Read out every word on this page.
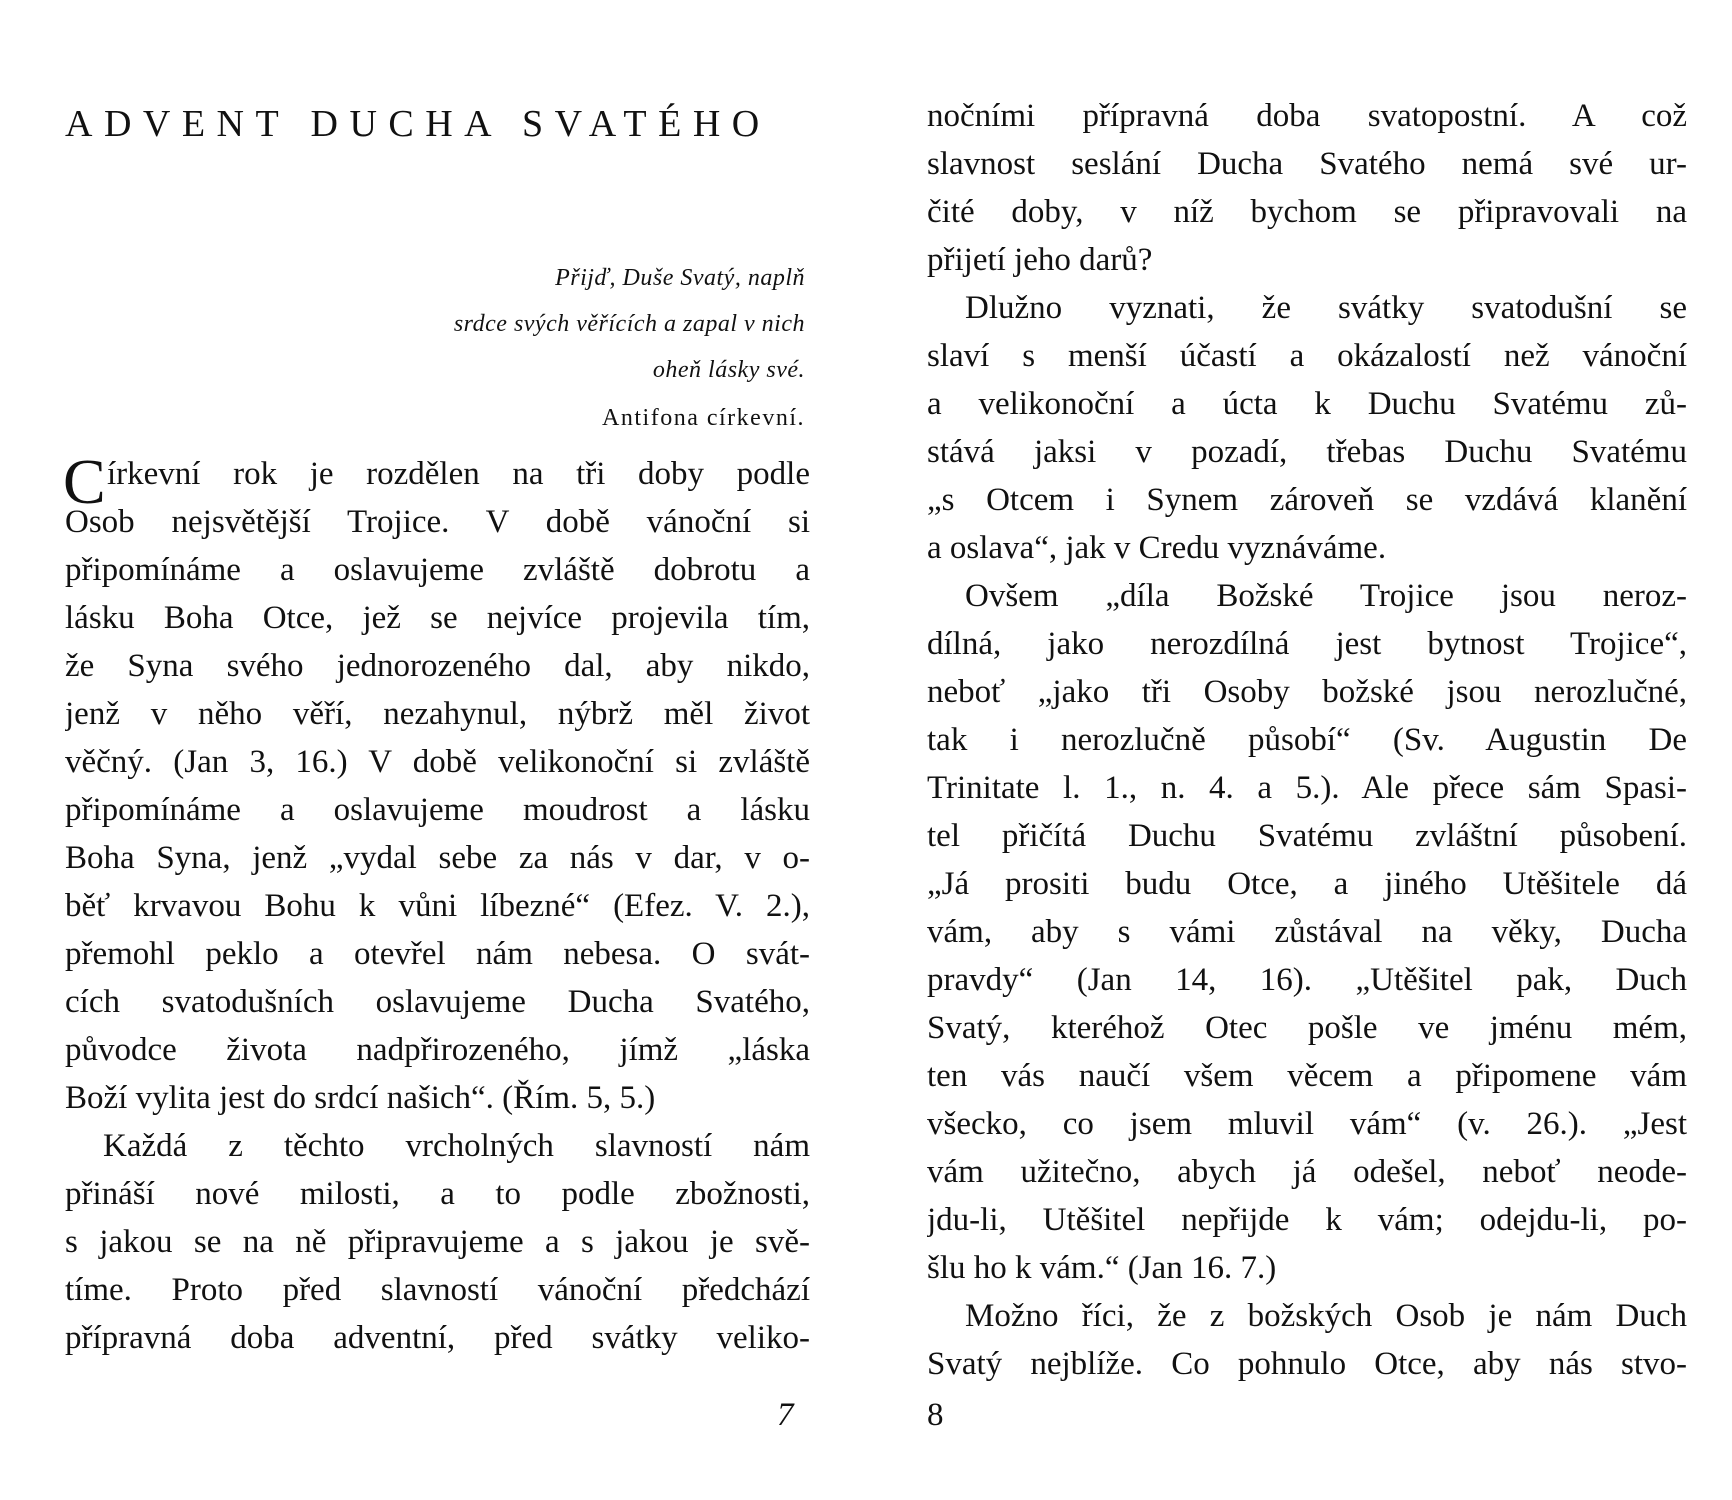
ADVENT DUCHA SVATÉHO
Přijď, Duše Svatý, naplň
srdce svých věřících a zapal v nich
oheň lásky své.
Antifona církevní.
C írkevní rok je rozdělen na tři doby podle
Osob nejsvětější Trojice. V době vánoční si
připomínáme a oslavujeme zvláště dobrotu a
lásku Boha Otce, jež se nejvíce projevila tím,
že Syna svého jednorozeného dal, aby nikdo,
jenž v něho věří, nezahynul, nýbrž měl život
věčný. (Jan 3, 16.) V době velikonoční si zvláště
připomínáme a oslavujeme moudrost a lásku
Boha Syna, jenž „vydal sebe za nás v dar, v o-
běť krvavou Bohu k vůni líbezné“ (Efez. V. 2.),
přemohl peklo a otevřel nám nebesa. O svát-
cích svatodušních oslavujeme Ducha Svatého,
původce života nadpřirozeného, jímž „láska
Boží vylita jest do srdcí našich“. (Řím. 5, 5.)
Každá z těchto vrcholných slavností nám
přináší nové milosti, a to podle zbožnosti,
s jakou se na ně připravujeme a s jakou je svě-
tíme. Proto před slavností vánoční předchází
přípravná doba adventní, před svátky veliko-
7
nočními přípravná doba svatopostní. A což
slavnost seslání Ducha Svatého nemá své ur-
čité doby, v níž bychom se připravovali na
přijetí jeho darů?
Dlužno vyznati, že svátky svatodušní se
slaví s menší účastí a okázalostí než vánoční
a velikonoční a úcta k Duchu Svatému zů-
stává jaksi v pozadí, třebas Duchu Svatému
„s Otcem i Synem zároveň se vzdává klanění
a oslava“, jak v Credu vyznáváme.
Ovšem „díla Božské Trojice jsou neroz-
dílná, jako nerozdílná jest bytnost Trojice“,
neboť „jako tři Osoby božské jsou nerozlučné,
tak i nerozlučně působí“ (Sv. Augustin De
Trinitate l. 1., n. 4. a 5.). Ale přece sám Spasi-
tel přičítá Duchu Svatému zvláštní působení.
„Já prositi budu Otce, a jiného Utěšitele dá
vám, aby s vámi zůstával na věky, Ducha
pravdy“ (Jan 14, 16). „Utěšitel pak, Duch
Svatý, kteréhož Otec pošle ve jménu mém,
ten vás naučí všem věcem a připomene vám
všecko, co jsem mluvil vám“ (v. 26.). „Jest
vám užitečno, abych já odešel, neboť neode-
jdu-li, Utěšitel nepřijde k vám; odejdu-li, po-
šlu ho k vám.“ (Jan 16. 7.)
Možno říci, že z božských Osob je nám Duch
Svatý nejblíže. Co pohnulo Otce, aby nás stvo-
8
